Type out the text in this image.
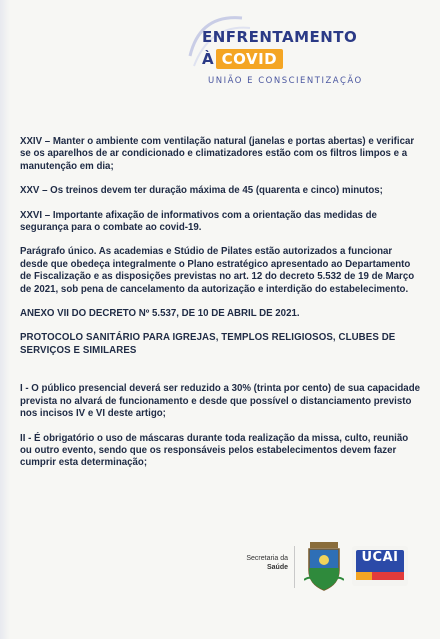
ENFRENTAMENTO
À COVID
UNIÃO E CONSCIENTIZAÇÃO

XXIV – Manter o ambiente com ventilação natural (janelas e portas abertas) e verificar se os aparelhos de ar condicionado e climatizadores estão com os filtros limpos e a manutenção em dia;

XXV – Os treinos devem ter duração máxima de 45 (quarenta e cinco) minutos;

XXVI – Importante afixação de informativos com a orientação das medidas de segurança para o combate ao covid-19.

Parágrafo único. As academias e Stúdio de Pilates estão autorizados a funcionar desde que obedeça integralmente o Plano estratégico apresentado ao Departamento de Fiscalização e as disposições previstas no art. 12 do decreto 5.532 de 19 de Março de 2021, sob pena de cancelamento da autorização e interdição do estabelecimento.

ANEXO VII DO DECRETO Nº 5.537, DE 10 DE ABRIL DE 2021.

PROTOCOLO SANITÁRIO PARA IGREJAS, TEMPLOS RELIGIOSOS, CLUBES DE SERVIÇOS E SIMILARES

I - O público presencial deverá ser reduzido a 30% (trinta por cento) de sua capacidade prevista no alvará de funcionamento e desde que possível o distanciamento previsto nos incisos IV e VI deste artigo;

II - É obrigatório o uso de máscaras durante toda realização da missa, culto, reunião ou outro evento, sendo que os responsáveis pelos estabelecimentos devem fazer cumprir esta determinação;

Secretaria da
Saúde
UCAI
